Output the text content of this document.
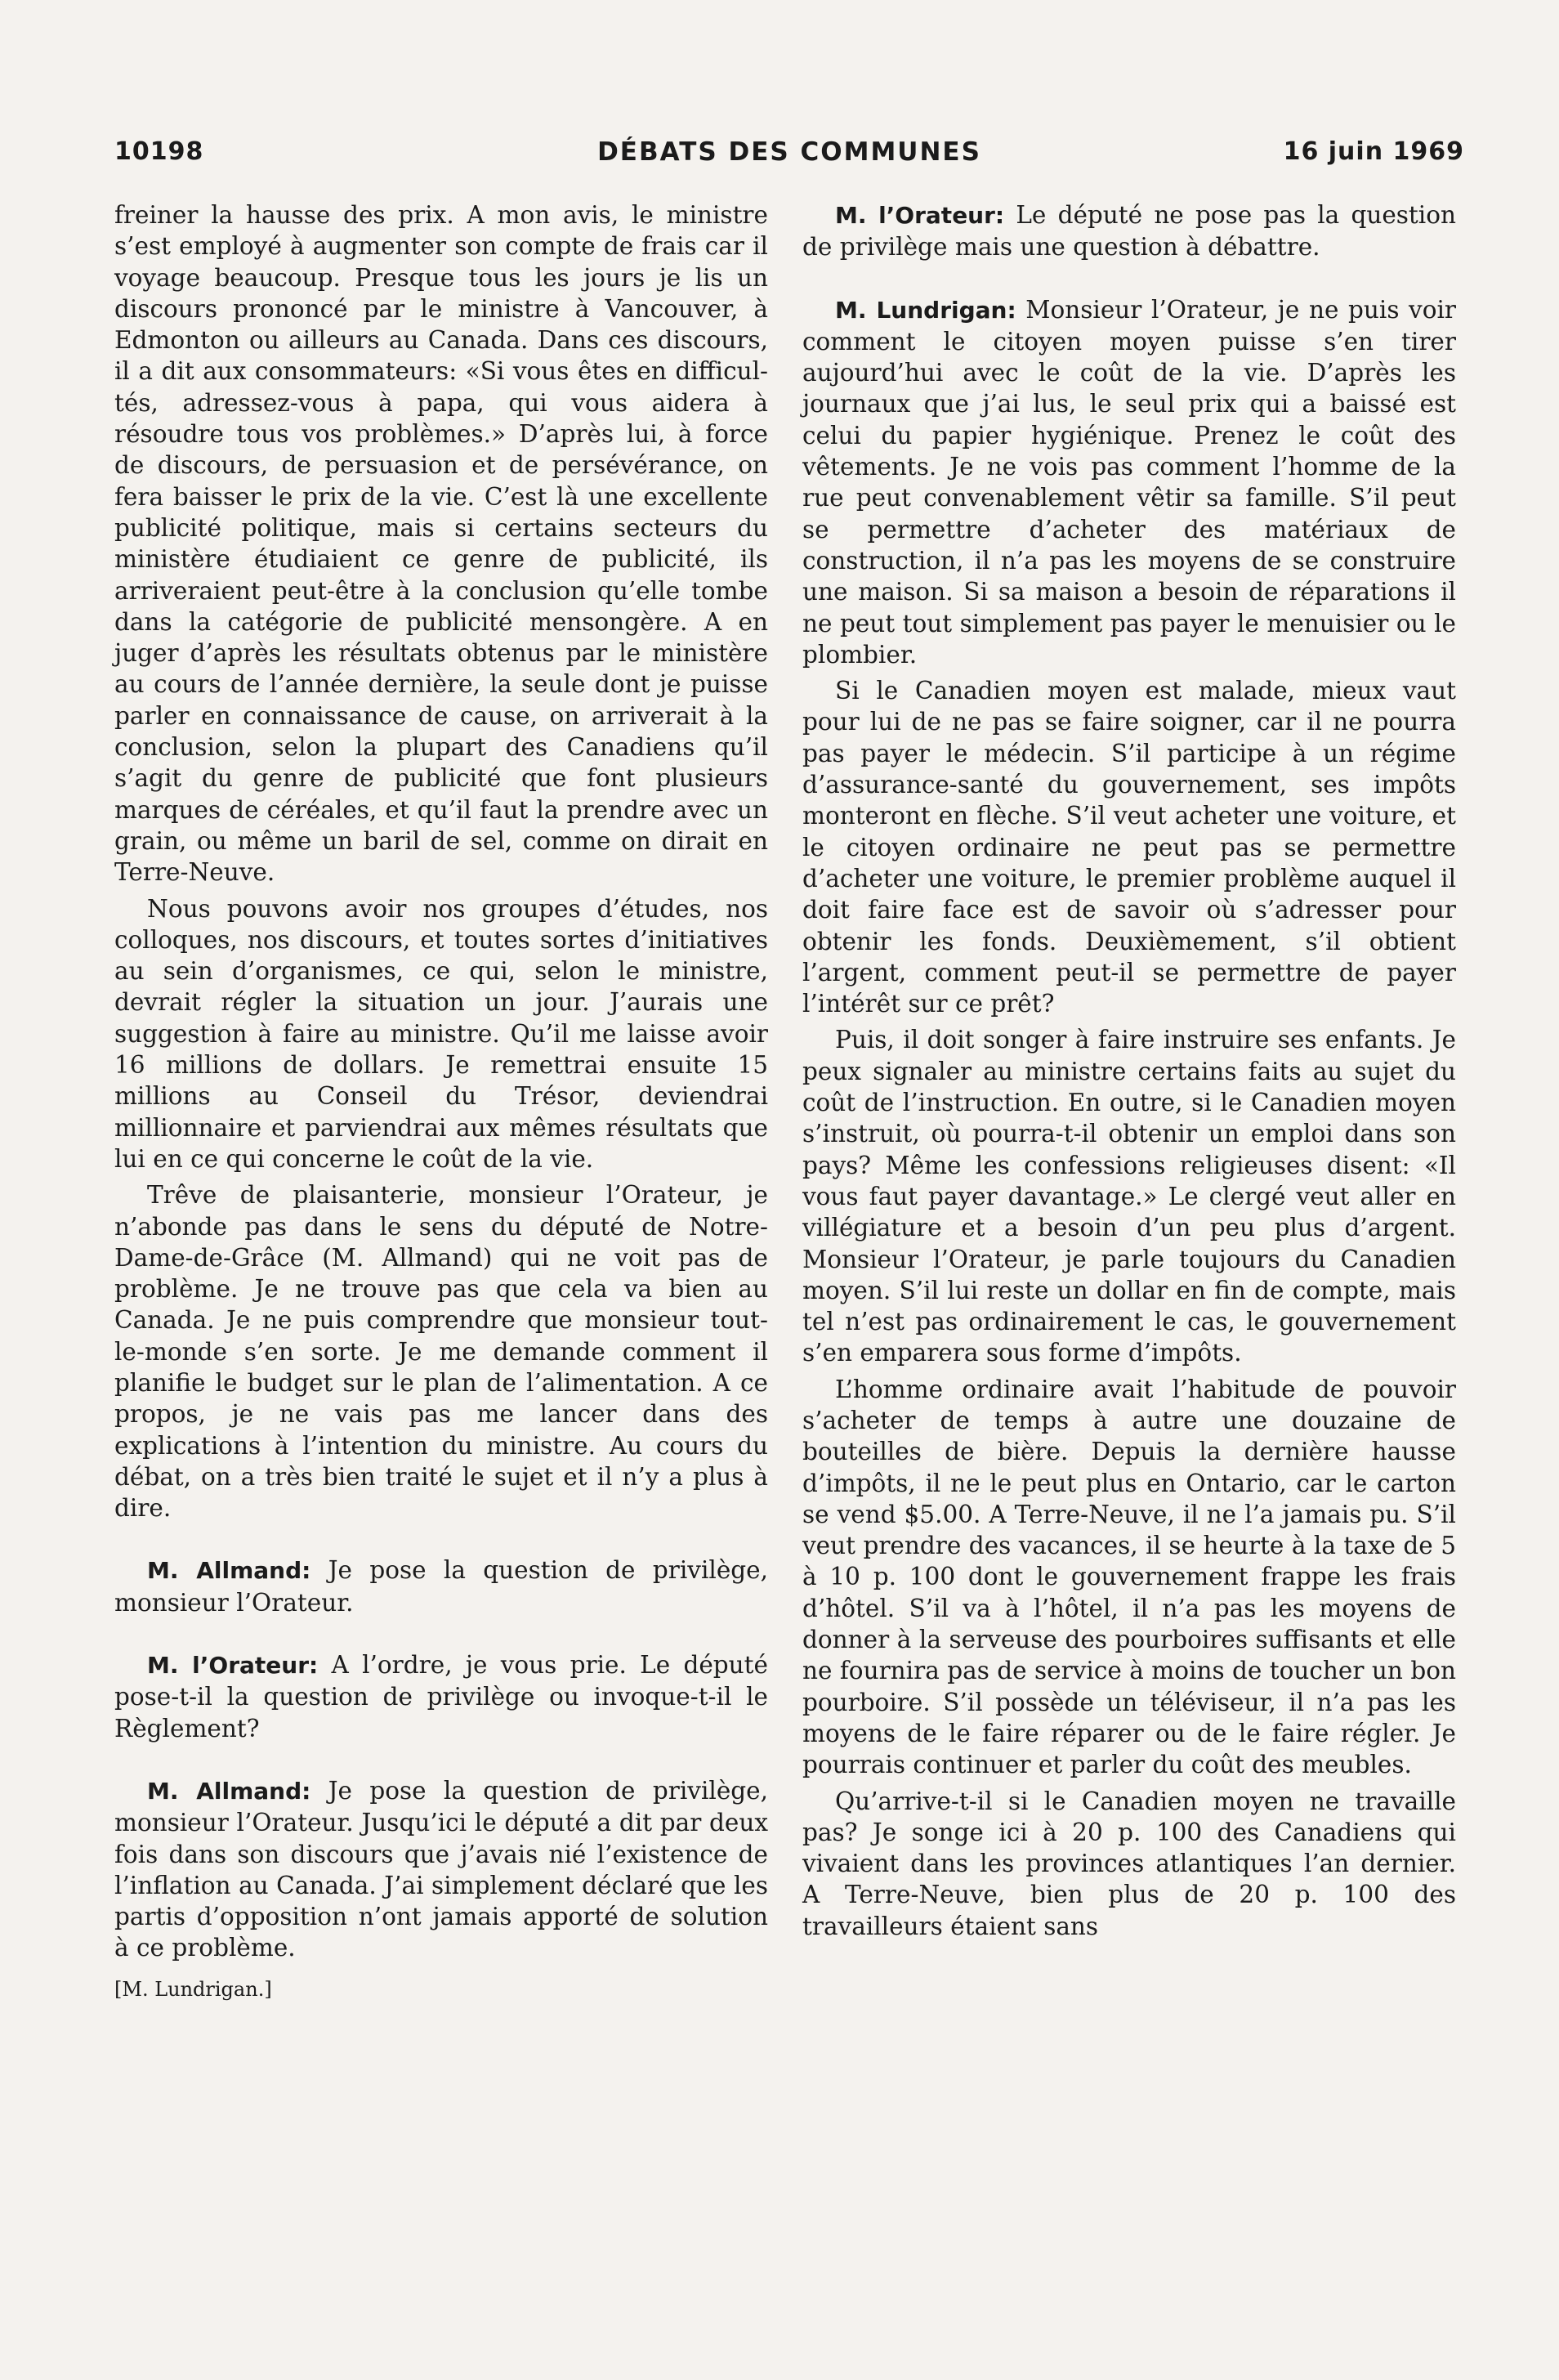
10198	DÉBATS DES COMMUNES	16 juin 1969

freiner la hausse des prix. A mon avis, le ministre s’est employé à augmenter son compte de frais car il voyage beaucoup. Presque tous les jours je lis un discours prononcé par le ministre à Vancouver, à Edmonton ou ailleurs au Canada. Dans ces discours, il a dit aux consommateurs: «Si vous êtes en difficultés, adressez-vous à papa, qui vous aidera à résoudre tous vos problèmes.» D’après lui, à force de discours, de persuasion et de persévérance, on fera baisser le prix de la vie. C’est là une excellente publicité politique, mais si certains secteurs du ministère étudiaient ce genre de publicité, ils arriveraient peut-être à la conclusion qu’elle tombe dans la catégorie de publicité mensongère. A en juger d’après les résultats obtenus par le ministère au cours de l’année dernière, la seule dont je puisse parler en connaissance de cause, on arriverait à la conclusion, selon la plupart des Canadiens qu’il s’agit du genre de publicité que font plusieurs marques de céréales, et qu’il faut la prendre avec un grain, ou même un baril de sel, comme on dirait en Terre-Neuve.

Nous pouvons avoir nos groupes d’études, nos colloques, nos discours, et toutes sortes d’initiatives au sein d’organismes, ce qui, selon le ministre, devrait régler la situation un jour. J’aurais une suggestion à faire au ministre. Qu’il me laisse avoir 16 millions de dollars. Je remettrai ensuite 15 millions au Conseil du Trésor, deviendrai millionnaire et parviendrai aux mêmes résultats que lui en ce qui concerne le coût de la vie.

Trêve de plaisanterie, monsieur l’Orateur, je n’abonde pas dans le sens du député de Notre-Dame-de-Grâce (M. Allmand) qui ne voit pas de problème. Je ne trouve pas que cela va bien au Canada. Je ne puis comprendre que monsieur tout-le-monde s’en sorte. Je me demande comment il planifie le budget sur le plan de l’alimentation. A ce propos, je ne vais pas me lancer dans des explications à l’intention du ministre. Au cours du débat, on a très bien traité le sujet et il n’y a plus à dire.

M. Allmand: Je pose la question de privilège, monsieur l’Orateur.

M. l’Orateur: A l’ordre, je vous prie. Le député pose-t-il la question de privilège ou invoque-t-il le Règlement?

M. Allmand: Je pose la question de privilège, monsieur l’Orateur. Jusqu’ici le député a dit par deux fois dans son discours que j’avais nié l’existence de l’inflation au Canada. J’ai simplement déclaré que les partis d’opposition n’ont jamais apporté de solution à ce problème.

[M. Lundrigan.]

M. l’Orateur: Le député ne pose pas la question de privilège mais une question à débattre.

M. Lundrigan: Monsieur l’Orateur, je ne puis voir comment le citoyen moyen puisse s’en tirer aujourd’hui avec le coût de la vie. D’après les journaux que j’ai lus, le seul prix qui a baissé est celui du papier hygiénique. Prenez le coût des vêtements. Je ne vois pas comment l’homme de la rue peut convenablement vêtir sa famille. S’il peut se permettre d’acheter des matériaux de construction, il n’a pas les moyens de se construire une maison. Si sa maison a besoin de réparations il ne peut tout simplement pas payer le menuisier ou le plombier.

Si le Canadien moyen est malade, mieux vaut pour lui de ne pas se faire soigner, car il ne pourra pas payer le médecin. S’il participe à un régime d’assurance-santé du gouvernement, ses impôts monteront en flèche. S’il veut acheter une voiture, et le citoyen ordinaire ne peut pas se permettre d’acheter une voiture, le premier problème auquel il doit faire face est de savoir où s’adresser pour obtenir les fonds. Deuxièmement, s’il obtient l’argent, comment peut-il se permettre de payer l’intérêt sur ce prêt?

Puis, il doit songer à faire instruire ses enfants. Je peux signaler au ministre certains faits au sujet du coût de l’instruction. En outre, si le Canadien moyen s’instruit, où pourra-t-il obtenir un emploi dans son pays? Même les confessions religieuses disent: «Il vous faut payer davantage.» Le clergé veut aller en villégiature et a besoin d’un peu plus d’argent. Monsieur l’Orateur, je parle toujours du Canadien moyen. S’il lui reste un dollar en fin de compte, mais tel n’est pas ordinairement le cas, le gouvernement s’en emparera sous forme d’impôts.

L’homme ordinaire avait l’habitude de pouvoir s’acheter de temps à autre une douzaine de bouteilles de bière. Depuis la dernière hausse d’impôts, il ne le peut plus en Ontario, car le carton se vend $5.00. A Terre-Neuve, il ne l’a jamais pu. S’il veut prendre des vacances, il se heurte à la taxe de 5 à 10 p. 100 dont le gouvernement frappe les frais d’hôtel. S’il va à l’hôtel, il n’a pas les moyens de donner à la serveuse des pourboires suffisants et elle ne fournira pas de service à moins de toucher un bon pourboire. S’il possède un téléviseur, il n’a pas les moyens de le faire réparer ou de le faire régler. Je pourrais continuer et parler du coût des meubles.

Qu’arrive-t-il si le Canadien moyen ne travaille pas? Je songe ici à 20 p. 100 des Canadiens qui vivaient dans les provinces atlantiques l’an dernier. A Terre-Neuve, bien plus de 20 p. 100 des travailleurs étaient sans
